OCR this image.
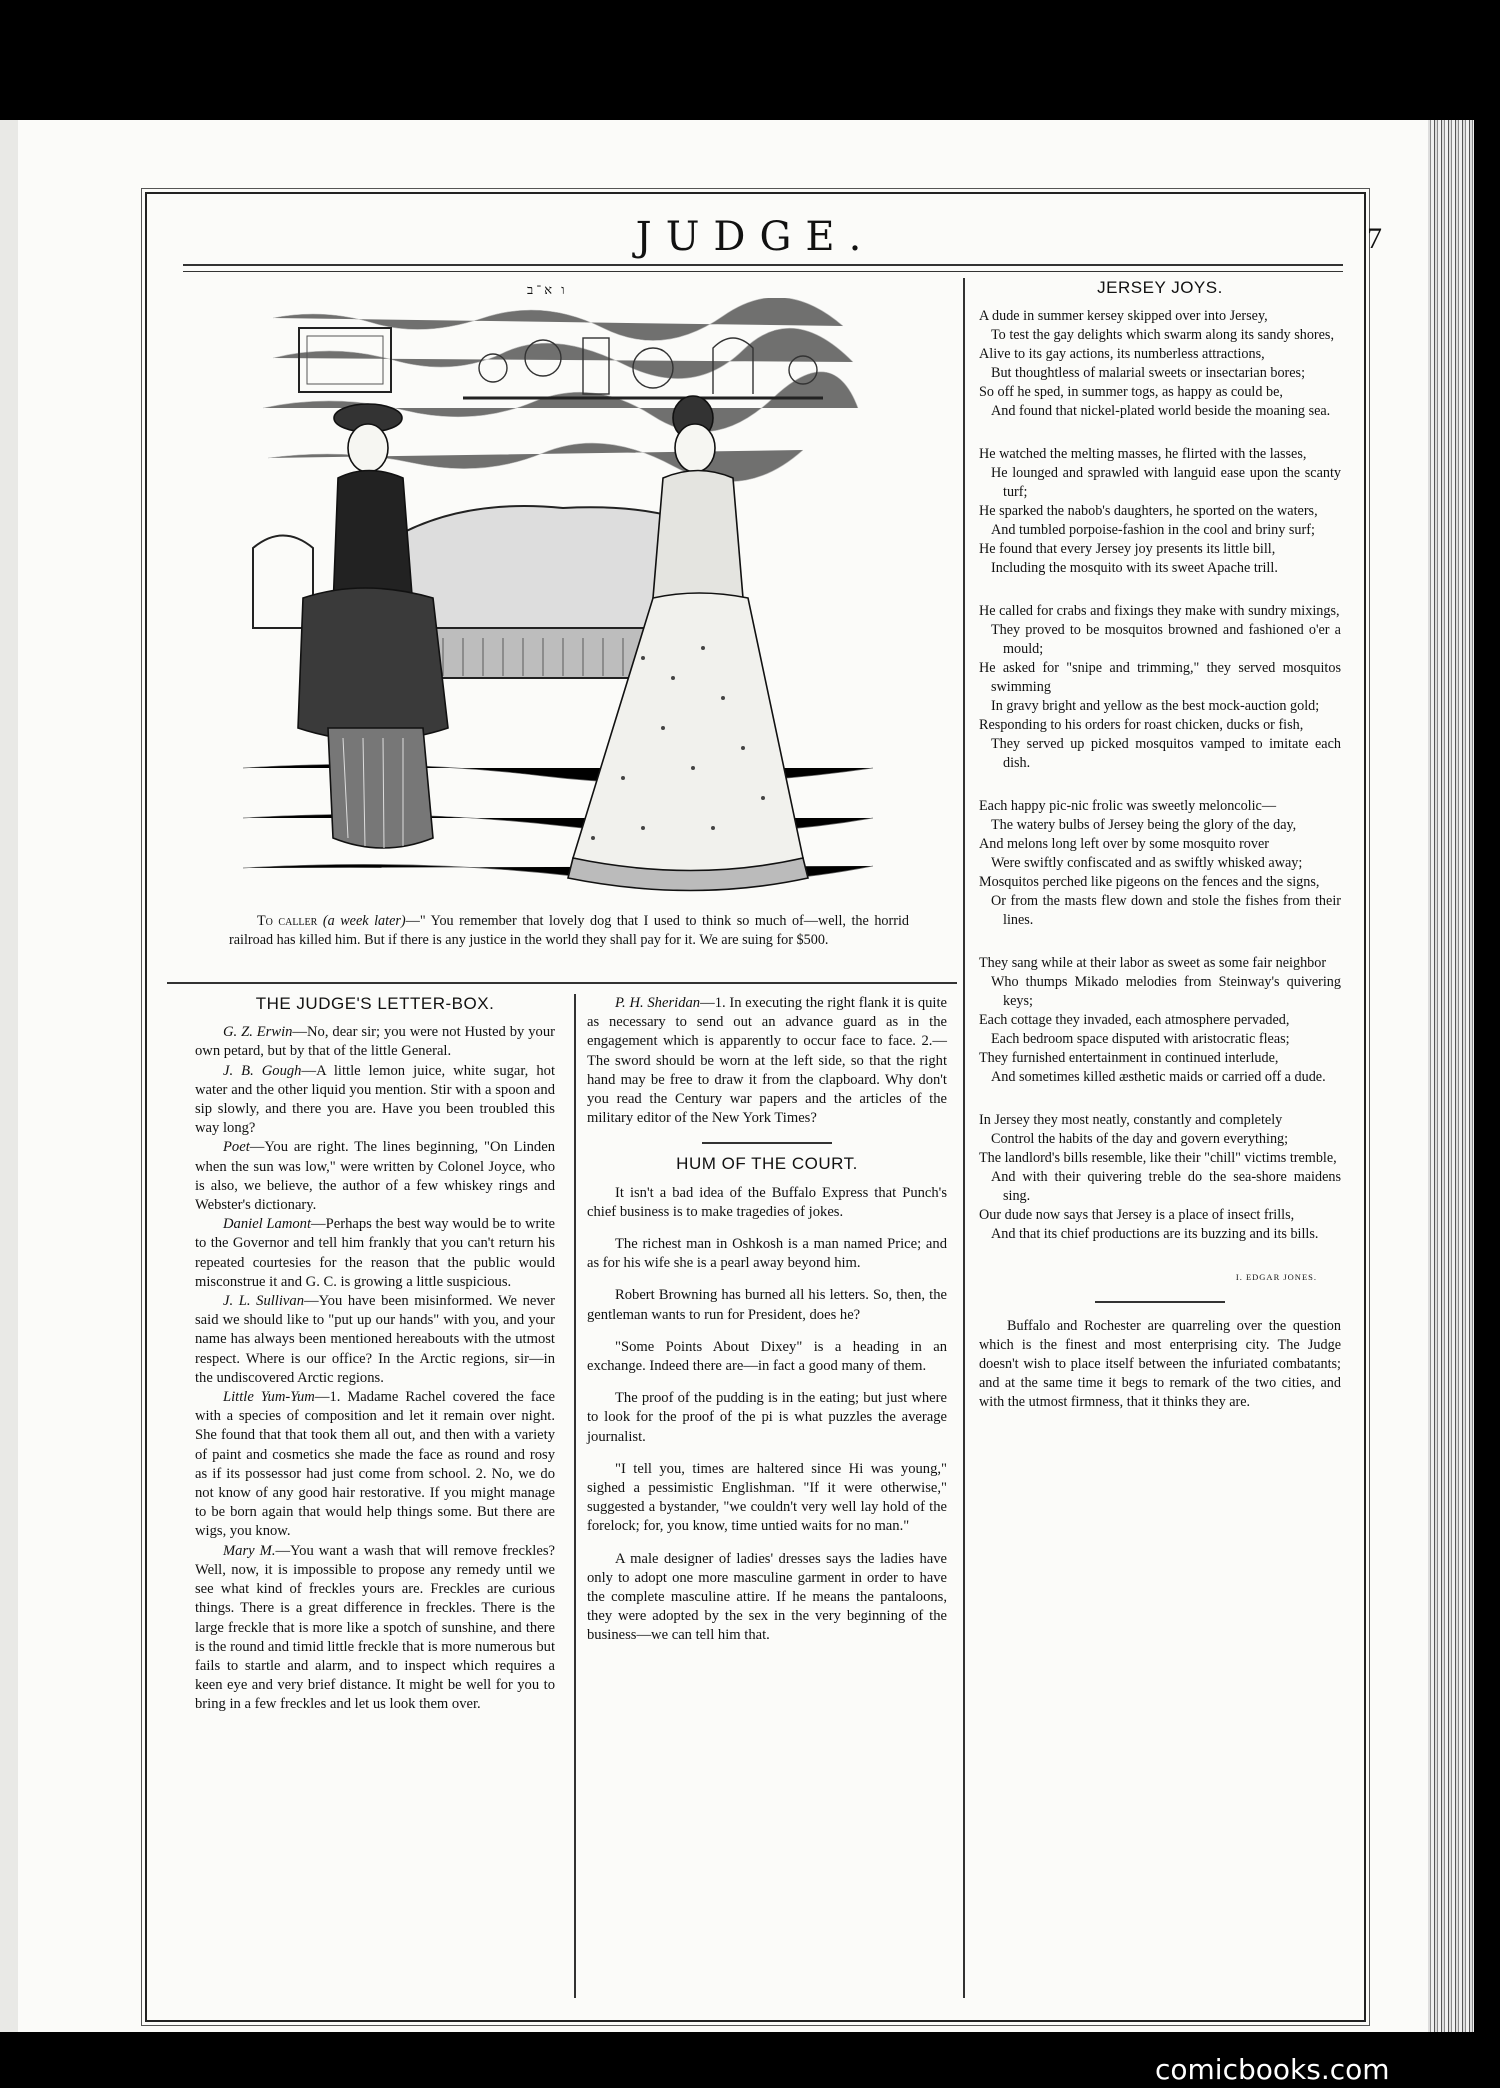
JUDGE.	7
ו א־ב
To caller (a week later)—" You remember that lovely dog that I used to think so much of—well, the horrid railroad has killed him. But if there is any justice in the world they shall pay for it. We are suing for $500.
THE JUDGE'S LETTER-BOX.

G. Z. Erwin—No, dear sir; you were not Husted by your own petard, but by that of the little General.

J. B. Gough—A little lemon juice, white sugar, hot water and the other liquid you mention. Stir with a spoon and sip slowly, and there you are. Have you been troubled this way long?

Poet—You are right. The lines beginning, "On Linden when the sun was low," were written by Colonel Joyce, who is also, we believe, the author of a few whiskey rings and Webster's dictionary.

Daniel Lamont—Perhaps the best way would be to write to the Governor and tell him frankly that you can't return his repeated courtesies for the reason that the public would misconstrue it and G. C. is growing a little suspicious.

J. L. Sullivan—You have been misinformed. We never said we should like to "put up our hands" with you, and your name has always been mentioned hereabouts with the utmost respect. Where is our office? In the Arctic regions, sir—in the undiscovered Arctic regions.

Little Yum-Yum—1. Madame Rachel covered the face with a species of composition and let it remain over night. She found that that took them all out, and then with a variety of paint and cosmetics she made the face as round and rosy as if its possessor had just come from school. 2. No, we do not know of any good hair restorative. If you might manage to be born again that would help things some. But there are wigs, you know.

Mary M.—You want a wash that will remove freckles? Well, now, it is impossible to propose any remedy until we see what kind of freckles yours are. Freckles are curious things. There is a great difference in freckles. There is the large freckle that is more like a spotch of sunshine, and there is the round and timid little freckle that is more numerous but fails to startle and alarm, and to inspect which requires a keen eye and very brief distance. It might be well for you to bring in a few freckles and let us look them over.

P. H. Sheridan—1. In executing the right flank it is quite as necessary to send out an advance guard as in the engagement which is apparently to occur face to face. 2.—The sword should be worn at the left side, so that the right hand may be free to draw it from the clapboard. Why don't you read the Century war papers and the articles of the military editor of the New York Times?

HUM OF THE COURT.

It isn't a bad idea of the Buffalo Express that Punch's chief business is to make tragedies of jokes.

The richest man in Oshkosh is a man named Price; and as for his wife she is a pearl away beyond him.

Robert Browning has burned all his letters. So, then, the gentleman wants to run for President, does he?

"Some Points About Dixey" is a heading in an exchange. Indeed there are—in fact a good many of them.

The proof of the pudding is in the eating; but just where to look for the proof of the pi is what puzzles the average journalist.

"I tell you, times are haltered since Hi was young," sighed a pessimistic Englishman. "If it were otherwise," suggested a bystander, "we couldn't very well lay hold of the forelock; for, you know, time untied waits for no man."

A male designer of ladies' dresses says the ladies have only to adopt one more masculine garment in order to have the complete masculine attire. If he means the pantaloons, they were adopted by the sex in the very beginning of the business—we can tell him that.

JERSEY JOYS.
A dude in summer kersey skipped over into Jersey,
To test the gay delights which swarm along its sandy shores,
Alive to its gay actions, its numberless attractions,
But thoughtless of malarial sweets or insectarian bores;
So off he sped, in summer togs, as happy as could be,
And found that nickel-plated world beside the moaning sea.
He watched the melting masses, he flirted with the lasses,
He lounged and sprawled with languid ease upon the scanty turf;
He sparked the nabob's daughters, he sported on the waters,
And tumbled porpoise-fashion in the cool and briny surf;
He found that every Jersey joy presents its little bill,
Including the mosquito with its sweet Apache trill.
He called for crabs and fixings they make with sundry mixings,
They proved to be mosquitos browned and fashioned o'er a mould;
He asked for "snipe and trimming," they served mosquitos swimming
In gravy bright and yellow as the best mock-auction gold;
Responding to his orders for roast chicken, ducks or fish,
They served up picked mosquitos vamped to imitate each dish.
Each happy pic-nic frolic was sweetly meloncolic—
The watery bulbs of Jersey being the glory of the day,
And melons long left over by some mosquito rover
Were swiftly confiscated and as swiftly whisked away;
Mosquitos perched like pigeons on the fences and the signs,
Or from the masts flew down and stole the fishes from their lines.
They sang while at their labor as sweet as some fair neighbor
Who thumps Mikado melodies from Steinway's quivering keys;
Each cottage they invaded, each atmosphere pervaded,
Each bedroom space disputed with aristocratic fleas;
They furnished entertainment in continued interlude,
And sometimes killed æsthetic maids or carried off a dude.
In Jersey they most neatly, constantly and completely
Control the habits of the day and govern everything;
The landlord's bills resemble, like their "chill" victims tremble,
And with their quivering treble do the sea-shore maidens sing.
Our dude now says that Jersey is a place of insect frills,
And that its chief productions are its buzzing and its bills.
I. EDGAR JONES.

Buffalo and Rochester are quarreling over the question which is the finest and most enterprising city. The Judge doesn't wish to place itself between the infuriated combatants; and at the same time it begs to remark of the two cities, and with the utmost firmness, that it thinks they are.

comicbooks.com
